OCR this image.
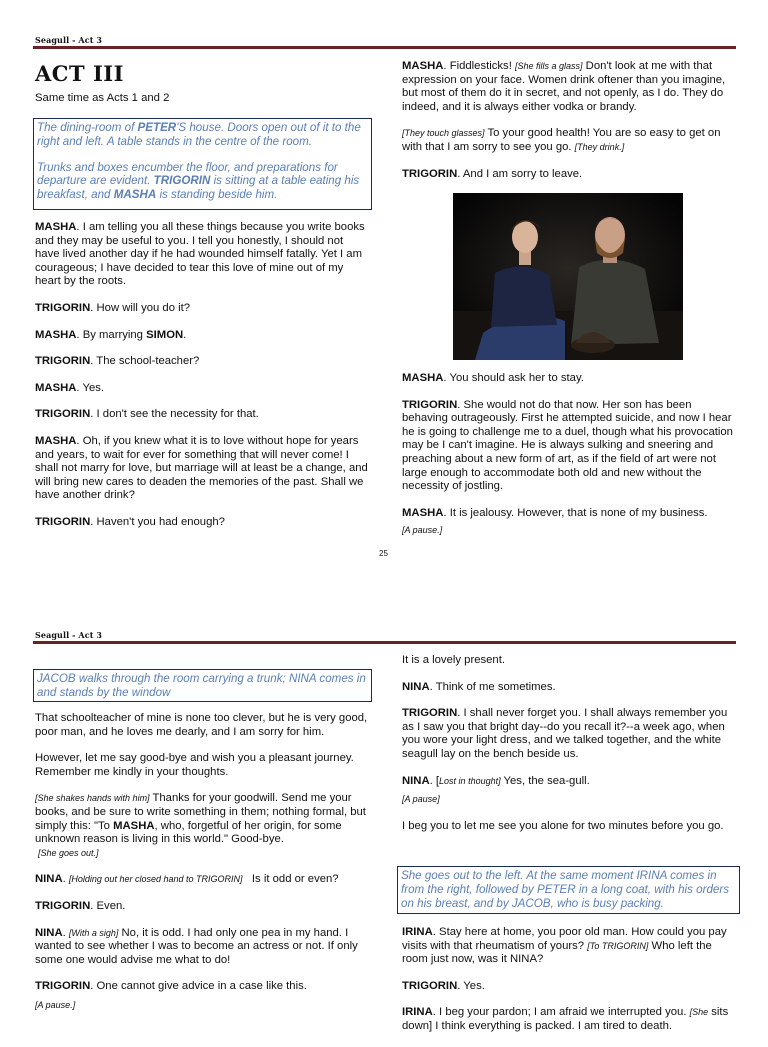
Seagull - Act 3
ACT III
Same time as Acts 1 and 2

The dining-room of PETER'S house. Doors open out of it to the right and left. A table stands in the centre of the room.

Trunks and boxes encumber the floor, and preparations for departure are evident. TRIGORIN is sitting at a table eating his breakfast, and MASHA is standing beside him.

MASHA. I am telling you all these things because you write books and they may be useful to you. I tell you honestly, I should not have lived another day if he had wounded himself fatally. Yet I am courageous; I have decided to tear this love of mine out of my heart by the roots.

TRIGORIN. How will you do it?

MASHA. By marrying SIMON.

TRIGORIN. The school-teacher?

MASHA. Yes.

TRIGORIN. I don't see the necessity for that.

MASHA. Oh, if you knew what it is to love without hope for years and years, to wait for ever for something that will never come! I shall not marry for love, but marriage will at least be a change, and will bring new cares to deaden the memories of the past. Shall we have another drink?

TRIGORIN. Haven't you had enough?

MASHA. Fiddlesticks! [She fills a glass] Don't look at me with that expression on your face. Women drink oftener than you imagine, but most of them do it in secret, and not openly, as I do. They do indeed, and it is always either vodka or brandy.

[They touch glasses] To your good health! You are so easy to get on with that I am sorry to see you go. [They drink.]

TRIGORIN. And I am sorry to leave.

MASHA. You should ask her to stay.

TRIGORIN. She would not do that now. Her son has been behaving outrageously. First he attempted suicide, and now I hear he is going to challenge me to a duel, though what his provocation may be I can't imagine. He is always sulking and sneering and preaching about a new form of art, as if the field of art were not large enough to accommodate both old and new without the necessity of jostling.

MASHA. It is jealousy. However, that is none of my business.

[A pause.]

25
Seagull - Act 3

JACOB walks through the room carrying a trunk; NINA comes in and stands by the window

That schoolteacher of mine is none too clever, but he is very good, poor man, and he loves me dearly, and I am sorry for him.

However, let me say good-bye and wish you a pleasant journey. Remember me kindly in your thoughts.

[She shakes hands with him] Thanks for your goodwill. Send me your books, and be sure to write something in them; nothing formal, but simply this: "To MASHA, who, forgetful of her origin, for some unknown reason is living in this world." Good-bye.
[She goes out.]

NINA. [Holding out her closed hand to TRIGORIN]   Is it odd or even?

TRIGORIN. Even.

NINA. [With a sigh] No, it is odd. I had only one pea in my hand. I wanted to see whether I was to become an actress or not. If only some one would advise me what to do!

TRIGORIN. One cannot give advice in a case like this.

[A pause.]

It is a lovely present.

NINA. Think of me sometimes.

TRIGORIN. I shall never forget you. I shall always remember you as I saw you that bright day--do you recall it?--a week ago, when you wore your light dress, and we talked together, and the white seagull lay on the bench beside us.

NINA. [Lost in thought] Yes, the sea-gull.

[A pause]

I beg you to let me see you alone for two minutes before you go.

She goes out to the left. At the same moment IRINA comes in from the right, followed by PETER in a long coat, with his orders on his breast, and by JACOB, who is busy packing.

IRINA. Stay here at home, you poor old man. How could you pay visits with that rheumatism of yours? [To TRIGORIN] Who left the room just now, was it NINA?

TRIGORIN. Yes.

IRINA. I beg your pardon; I am afraid we interrupted you. [She sits down] I think everything is packed. I am tired to death.
